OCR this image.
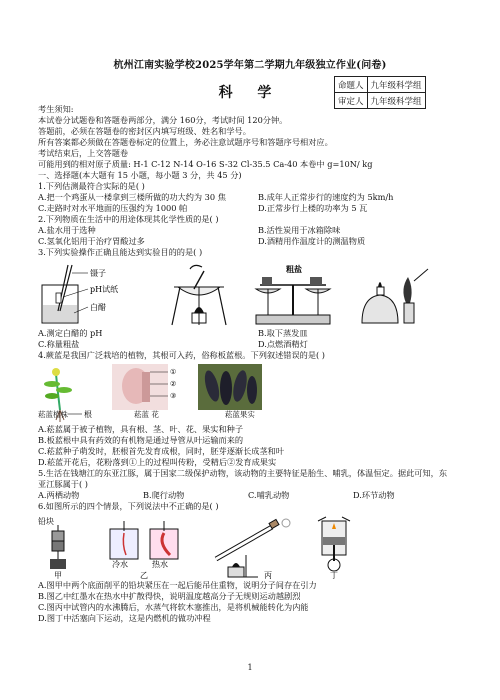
杭州江南实验学校2025学年第二学期九年级独立作业(问卷)
科 学	命题人	九年级科学组
审定人	九年级科学组
考生须知:
本试卷分试题卷和答题卷两部分，满分 160分，考试时间 120分钟。
答题前，必须在答题卷的密封区内填写班级、姓名和学号。
所有答案都必须做在答题卷标定的位置上，务必注意试题序号和答题序号相对应。
考试结束后，上交答题卷
可能用到的相对原子质量: H-1 C-12 N-14 O-16 S-32 Cl-35.5 Ca-40 本卷中 g=10N/ kg
一、选择题(本大题有 15 小题，每小题 3 分，共 45 分)
1.下列估测最符合实际的是( )
A.把一个鸡蛋从一楼拿到三楼所做的功大约为 30 焦	B.成年人正常步行的速度约为 5km/h
C.走路时对水平地面的压强约为 1000 帕	D.正常步行上楼的功率为 5 瓦
2.下列物质在生活中的用途体现其化学性质的是( )
A.盐水用于选种	B.活性炭用于冰箱除味
C.氢氧化铝用于治疗胃酸过多	D.酒精用作温度计的测温物质
3.下列实验操作正确且能达到实验目的的是( )
镊子
pH试纸
白醋
粗盐
A.测定白醋的 pH	B.取下蒸发皿
C.称量粗盐	D.点燃酒精灯
4.蕨蓝是我国广泛栽培的植物，其根可入药，俗称板蓝根。下列叙述错误的是( )
根
①
②
③
菘蓝植株	菘蓝 花	菘蓝果实
A.菘蓝属于被子植物，具有根、茎、叶、花、果实和种子
B.板蓝根中具有药效的有机物是通过导管从叶运输而来的
C.菘蓝种子萌发时，胚根首先发育成根，同时，胚芽逐渐长成茎和叶
D.菘蓝开花后，花粉落到①上的过程叫传粉，受精后②发育成果实
5.生活在钱塘江的东亚江豚，属于国家二级保护动物，该动物的主要特征是胎生、哺乳，体温恒定。据此可知，东
亚江豚属于( )
A.两栖动物	B.爬行动物	C.哺乳动物	D.环节动物
6.如图所示的四个情景，下列说法中不正确的是( )
铅块
甲
冷水	热水
乙	丙	丁
A.图甲中两个底面削平的铅块紧压在一起后能吊住重物，说明分子间存在引力
B.图乙中红墨水在热水中扩散得快，说明温度越高分子无规则运动越剧烈
C.图丙中试管内的水沸腾后，水蒸气将软木塞推出，是将机械能转化为内能
D.图丁中活塞向下运动，这是内燃机的做功冲程
1
